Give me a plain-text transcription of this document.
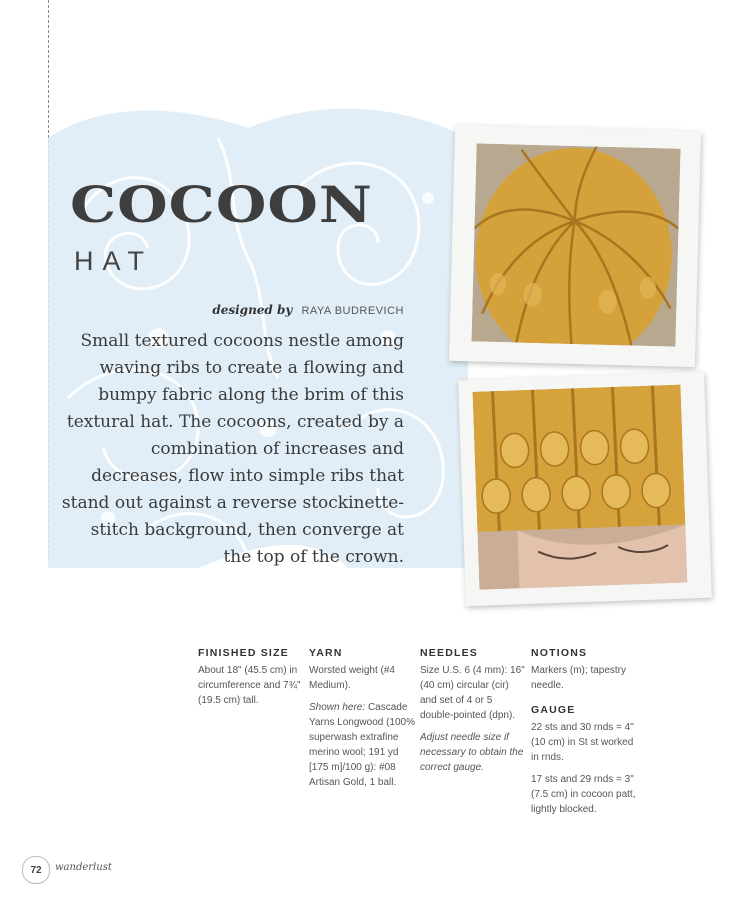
COCOON
HAT
designed by RAYA BUDREVICH

Small textured cocoons nestle among waving ribs to create a flowing and bumpy fabric along the brim of this textural hat. The cocoons, created by a combination of increases and decreases, flow into simple ribs that stand out against a reverse stockinette-stitch background, then converge at the top of the crown.

FINISHED SIZE

About 18" (45.5 cm) in circumference and 7¾" (19.5 cm) tall.

YARN

Worsted weight (#4 Medium).

Shown here: Cascade Yarns Longwood (100% superwash extrafine merino wool; 191 yd [175 m]/100 g): #08 Artisan Gold, 1 ball.

NEEDLES

Size U.S. 6 (4 mm): 16" (40 cm) circular (cir) and set of 4 or 5 double-pointed (dpn).

Adjust needle size if necessary to obtain the correct gauge.

NOTIONS

Markers (m); tapestry needle.

GAUGE

22 sts and 30 rnds = 4" (10 cm) in St st worked in rnds.

17 sts and 29 rnds = 3" (7.5 cm) in cocoon patt, lightly blocked.

72	wanderlust
